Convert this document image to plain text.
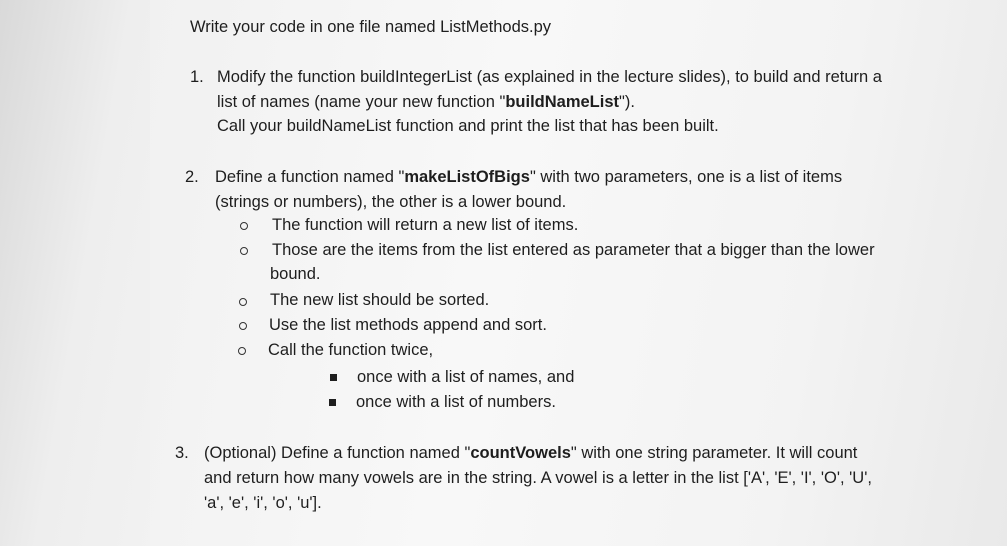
Write your code in one file named ListMethods.py
1. Modify the function buildIntegerList (as explained in the lecture slides), to build and return a
list of names (name your new function "buildNameList").
Call your buildNameList function and print the list that has been built.
2. Define a function named "makeListOfBigs" with two parameters, one is a list of items
(strings or numbers), the other is a lower bound.
The function will return a new list of items.
Those are the items from the list entered as parameter that a bigger than the lower
bound.
The new list should be sorted.
Use the list methods append and sort.
Call the function twice,
once with a list of names, and
once with a list of numbers.
3. (Optional) Define a function named "countVowels" with one string parameter. It will count
and return how many vowels are in the string. A vowel is a letter in the list ['A', 'E', 'I', 'O', 'U',
'a', 'e', 'i', 'o', 'u'].
